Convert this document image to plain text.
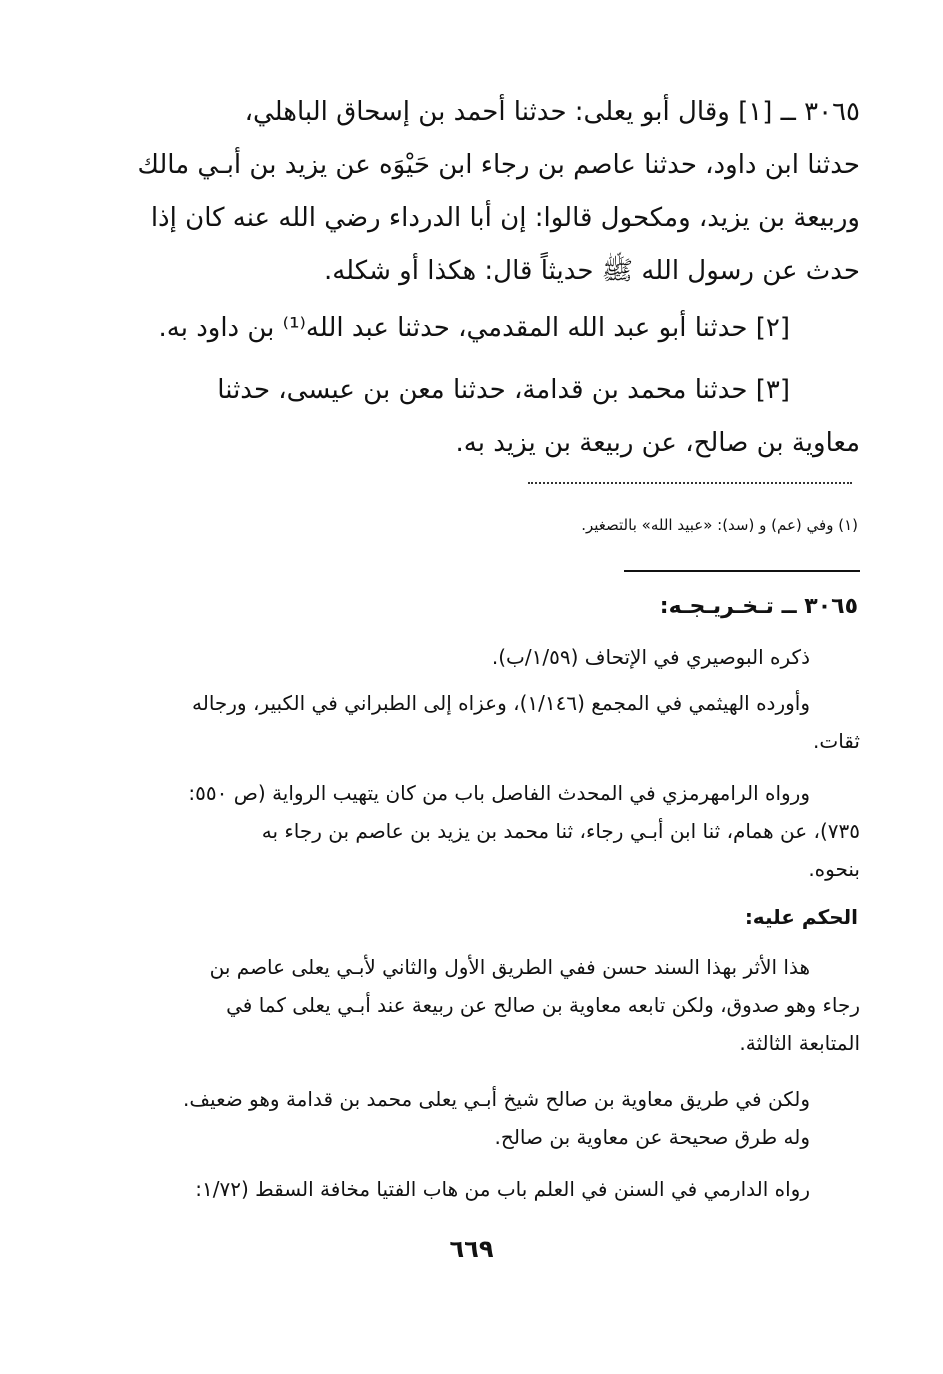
٣٠٦٥ ــ [١] وقال أبو يعلى: حدثنا أحمد بن إسحاق الباهلي،
حدثنا ابن داود، حدثنا عاصم بن رجاء ابن حَيْوَه عن يزيد بن أبـي مالك
وربيعة بن يزيد، ومكحول قالوا: إن أبا الدرداء رضي الله عنه كان إذا
حدث عن رسول الله ﷺ حديثاً قال: هكذا أو شكله.
[٢] حدثنا أبو عبد الله المقدمي، حدثنا عبد الله⁽¹⁾ بن داود به.
[٣] حدثنا محمد بن قدامة، حدثنا معن بن عيسى، حدثنا
معاوية بن صالح، عن ربيعة بن يزيد به.
(١) وفي (عم) و (سد): «عبيد الله» بالتصغير.
٣٠٦٥ ــ تـخـريـجـه:
ذكره البوصيري في الإتحاف (١/٥٩/ب).
وأورده الهيثمي في المجمع (١/١٤٦)، وعزاه إلى الطبراني في الكبير، ورجاله
ثقات.
ورواه الرامهرمزي في المحدث الفاصل باب من كان يتهيب الرواية (ص ٥٥٠:
٧٣٥)، عن همام، ثنا ابن أبـي رجاء، ثنا محمد بن يزيد بن عاصم بن رجاء به
بنحوه.
الحكم عليه:
هذا الأثر بهذا السند حسن ففي الطريق الأول والثاني لأبـي يعلى عاصم بن
رجاء وهو صدوق، ولكن تابعه معاوية بن صالح عن ربيعة عند أبـي يعلى كما في
المتابعة الثالثة.
ولكن في طريق معاوية بن صالح شيخ أبـي يعلى محمد بن قدامة وهو ضعيف.
وله طرق صحيحة عن معاوية بن صالح.
رواه الدارمي في السنن في العلم باب من هاب الفتيا مخافة السقط (١/٧٢:
٦٦٩
